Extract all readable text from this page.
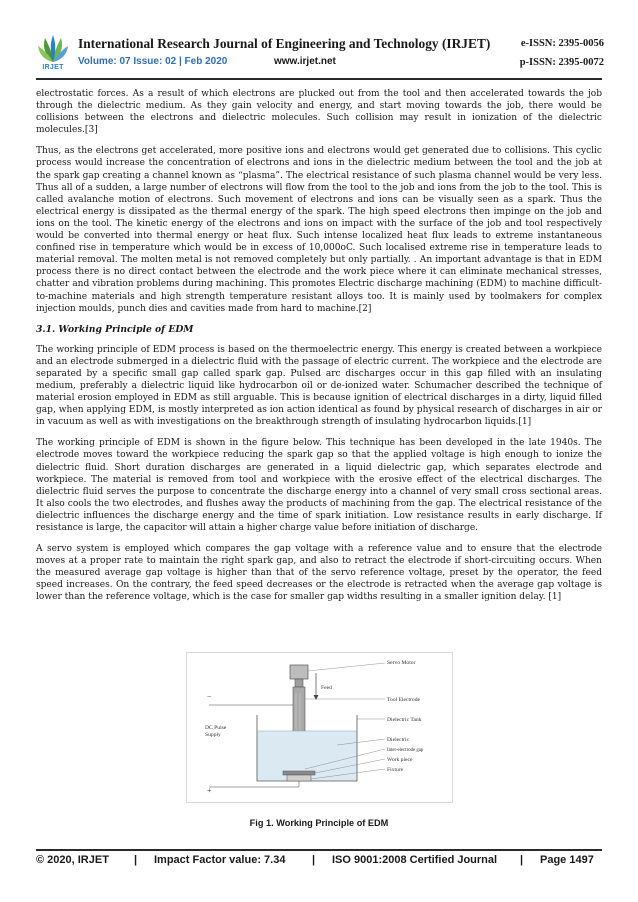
IRJET
International Research Journal of Engineering and Technology (IRJET)	e-ISSN: 2395-0056
Volume: 07 Issue: 02 | Feb 2020	www.irjet.net	p-ISSN: 2395-0072

electrostatic forces. As a result of which electrons are plucked out from the tool and then accelerated towards the job through the dielectric medium. As they gain velocity and energy, and start moving towards the job, there would be collisions between the electrons and dielectric molecules. Such collision may result in ionization of the dielectric molecules.[3]

Thus, as the electrons get accelerated, more positive ions and electrons would get generated due to collisions. This cyclic process would increase the concentration of electrons and ions in the dielectric medium between the tool and the job at the spark gap creating a channel known as “plasma”. The electrical resistance of such plasma channel would be very less. Thus all of a sudden, a large number of electrons will flow from the tool to the job and ions from the job to the tool. This is called avalanche motion of electrons. Such movement of electrons and ions can be visually seen as a spark. Thus the electrical energy is dissipated as the thermal energy of the spark. The high speed electrons then impinge on the job and ions on the tool. The kinetic energy of the electrons and ions on impact with the surface of the job and tool respectively would be converted into thermal energy or heat flux. Such intense localized heat flux leads to extreme instantaneous confined rise in temperature which would be in excess of 10,000oC. Such localised extreme rise in temperature leads to material removal. The molten metal is not removed completely but only partially. . An important advantage is that in EDM process there is no direct contact between the electrode and the work piece where it can eliminate mechanical stresses, chatter and vibration problems during machining. This promotes Electric discharge machining (EDM) to machine difficult-to-machine materials and high strength temperature resistant alloys too. It is mainly used by toolmakers for complex injection moulds, punch dies and cavities made from hard to machine.[2]

3.1. Working Principle of EDM

The working principle of EDM process is based on the thermoelectric energy. This energy is created between a workpiece and an electrode submerged in a dielectric fluid with the passage of electric current. The workpiece and the electrode are separated by a specific small gap called spark gap. Pulsed arc discharges occur in this gap filled with an insulating medium, preferably a dielectric liquid like hydrocarbon oil or de-ionized water. Schumacher described the technique of material erosion employed in EDM as still arguable. This is because ignition of electrical discharges in a dirty, liquid filled gap, when applying EDM, is mostly interpreted as ion action identical as found by physical research of discharges in air or in vacuum as well as with investigations on the breakthrough strength of insulating hydrocarbon liquids.[1]

The working principle of EDM is shown in the figure below. This technique has been developed in the late 1940s. The electrode moves toward the workpiece reducing the spark gap so that the applied voltage is high enough to ionize the dielectric fluid. Short duration discharges are generated in a liquid dielectric gap, which separates electrode and workpiece. The material is removed from tool and workpiece with the erosive effect of the electrical discharges. The dielectric fluid serves the purpose to concentrate the discharge energy into a channel of very small cross sectional areas. It also cools the two electrodes, and flushes away the products of machining from the gap. The electrical resistance of the dielectric influences the discharge energy and the time of spark initiation. Low resistance results in early discharge. If resistance is large, the capacitor will attain a higher charge value before initiation of discharge.

A servo system is employed which compares the gap voltage with a reference value and to ensure that the electrode moves at a proper rate to maintain the right spark gap, and also to retract the electrode if short-circuiting occurs. When the measured average gap voltage is higher than that of the servo reference voltage, preset by the operator, the feed speed increases. On the contrary, the feed speed decreases or the electrode is retracted when the average gap voltage is lower than the reference voltage, which is the case for smaller gap widths resulting in a smaller ignition delay. [1]

Servo Motor
Feed
Tool Electrode
Dielectric Tank
Dielectric
Inter-electrode gap
Work piece
Fixture
DC Pulse
Supply
−
+
Fig 1. Working Principle of EDM
© 2020, IRJET | Impact Factor value: 7.34 | ISO 9001:2008 Certified Journal | Page 1497
